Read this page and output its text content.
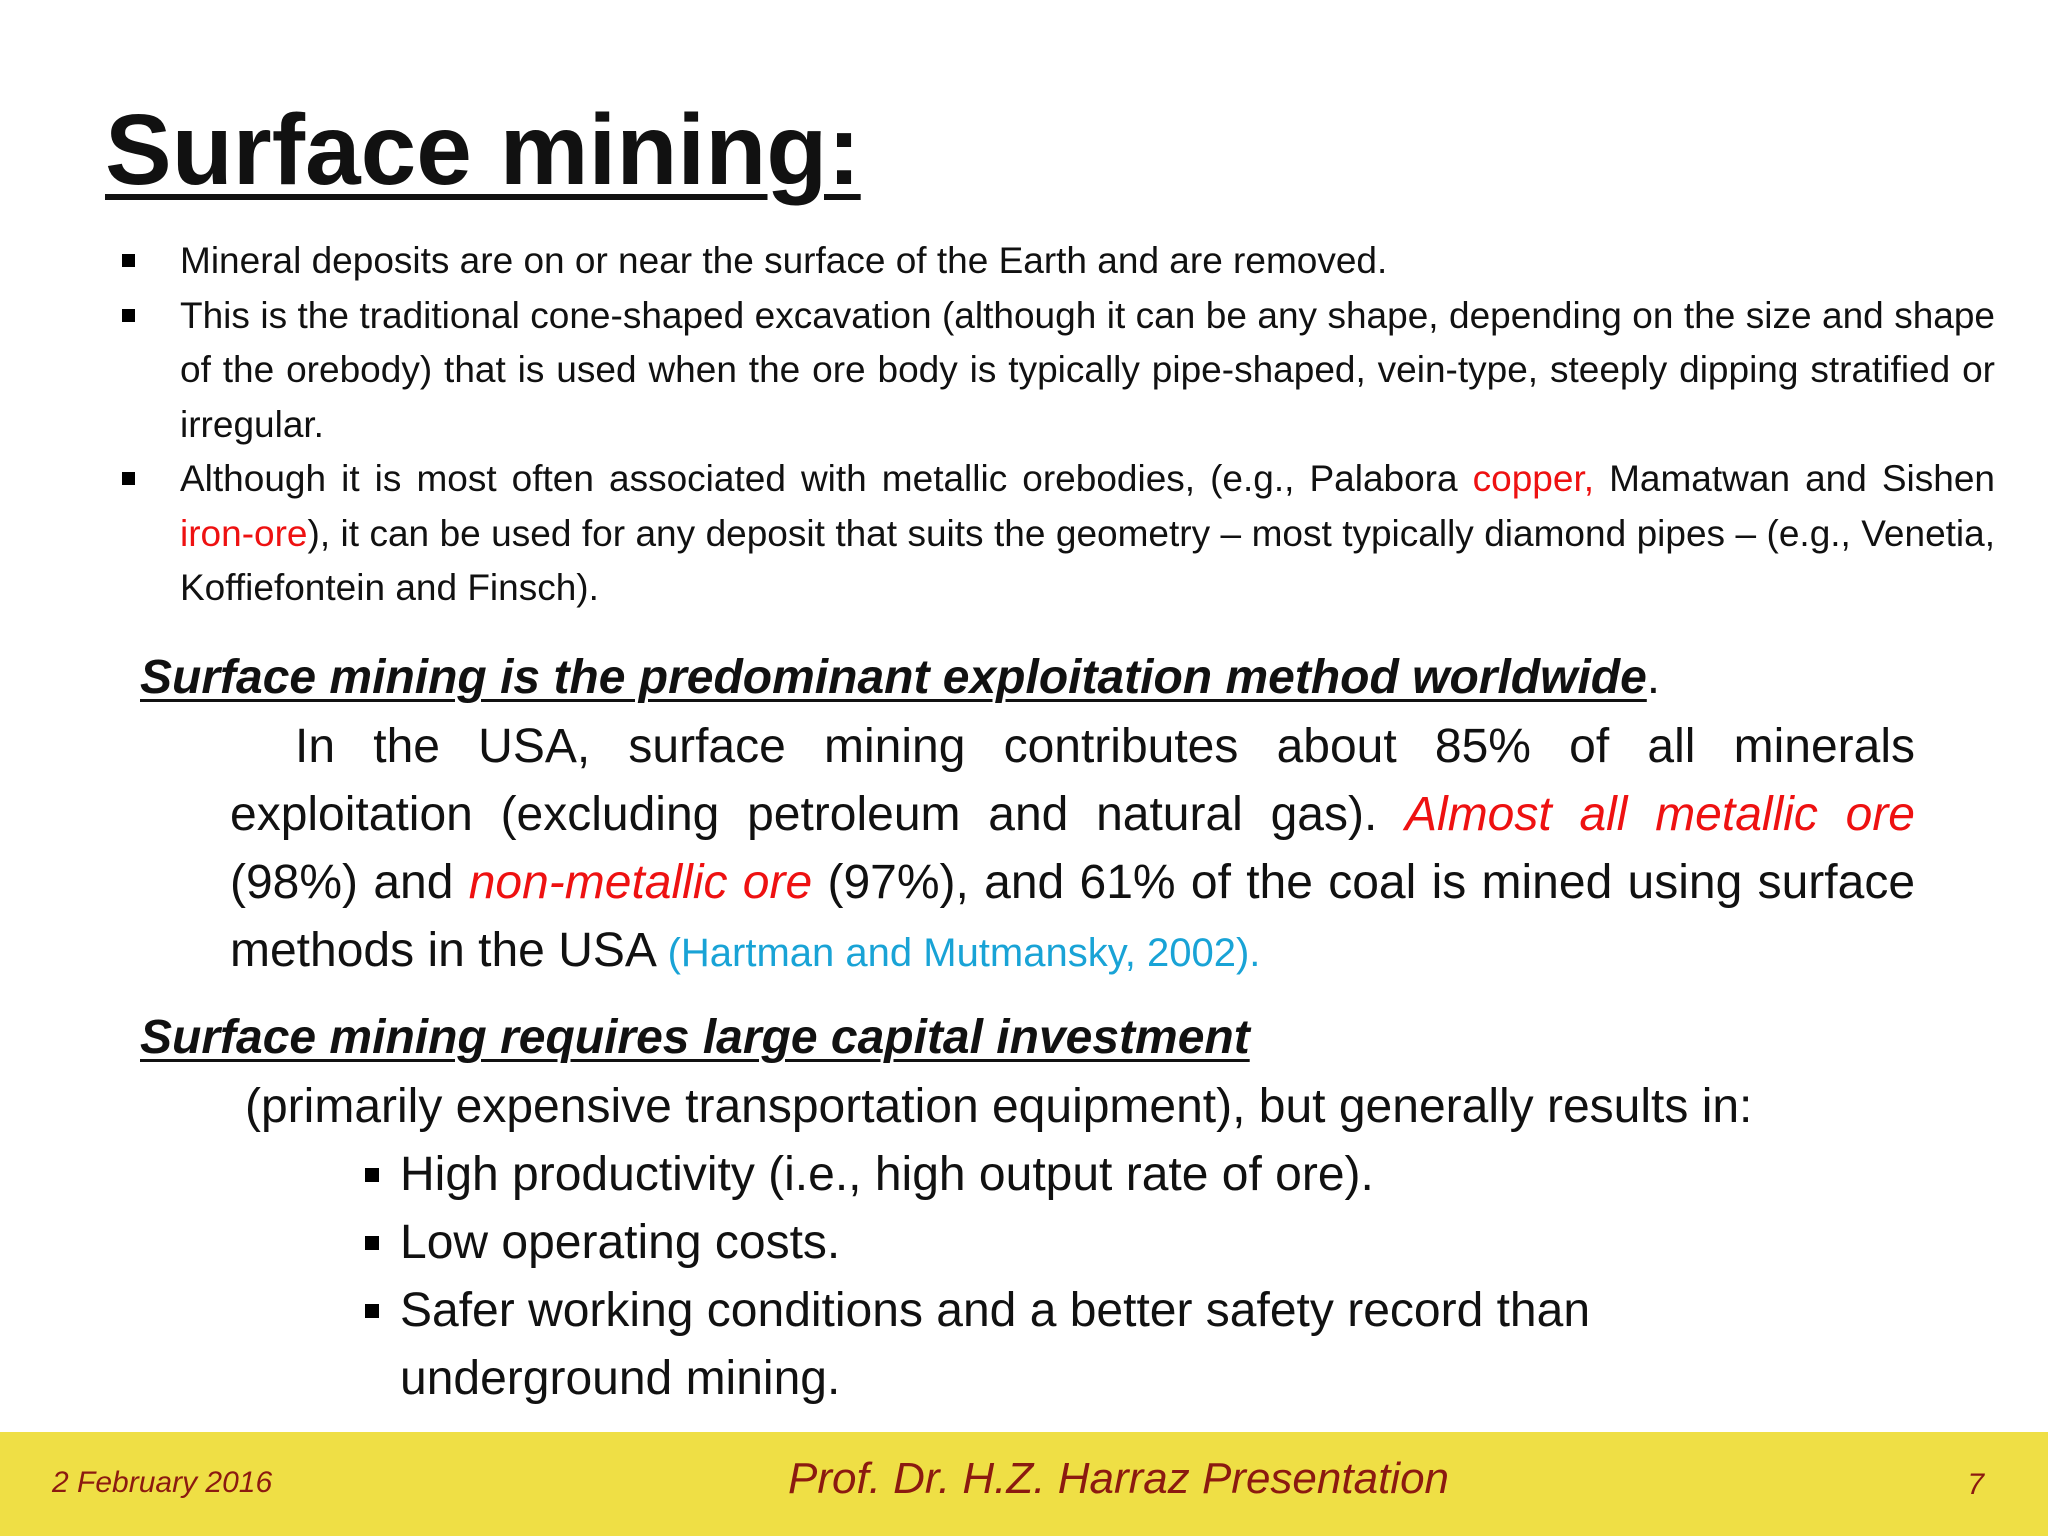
Surface mining:
Mineral deposits are on or near the surface of the Earth and are removed.
This is the traditional cone-shaped excavation (although it can be any shape, depending on the size and shape of the orebody) that is used when the ore body is typically pipe-shaped, vein-type, steeply dipping stratified or irregular.
Although it is most often associated with metallic orebodies, (e.g., Palabora copper, Mamatwan and Sishen iron-ore), it can be used for any deposit that suits the geometry – most typically diamond pipes – (e.g., Venetia, Koffiefontein and Finsch).

Surface mining is the predominant exploitation method worldwide.

In the USA, surface mining contributes about 85% of all minerals exploitation (excluding petroleum and natural gas). Almost all metallic ore (98%) and non-metallic ore (97%), and 61% of the coal is mined using surface methods in the USA (Hartman and Mutmansky, 2002).

Surface mining requires large capital investment

(primarily expensive transportation equipment), but generally results in:

High productivity (i.e., high output rate of ore).
Low operating costs.
Safer working conditions and a better safety record than underground mining.
2 February 2016	Prof. Dr. H.Z. Harraz Presentation	7
